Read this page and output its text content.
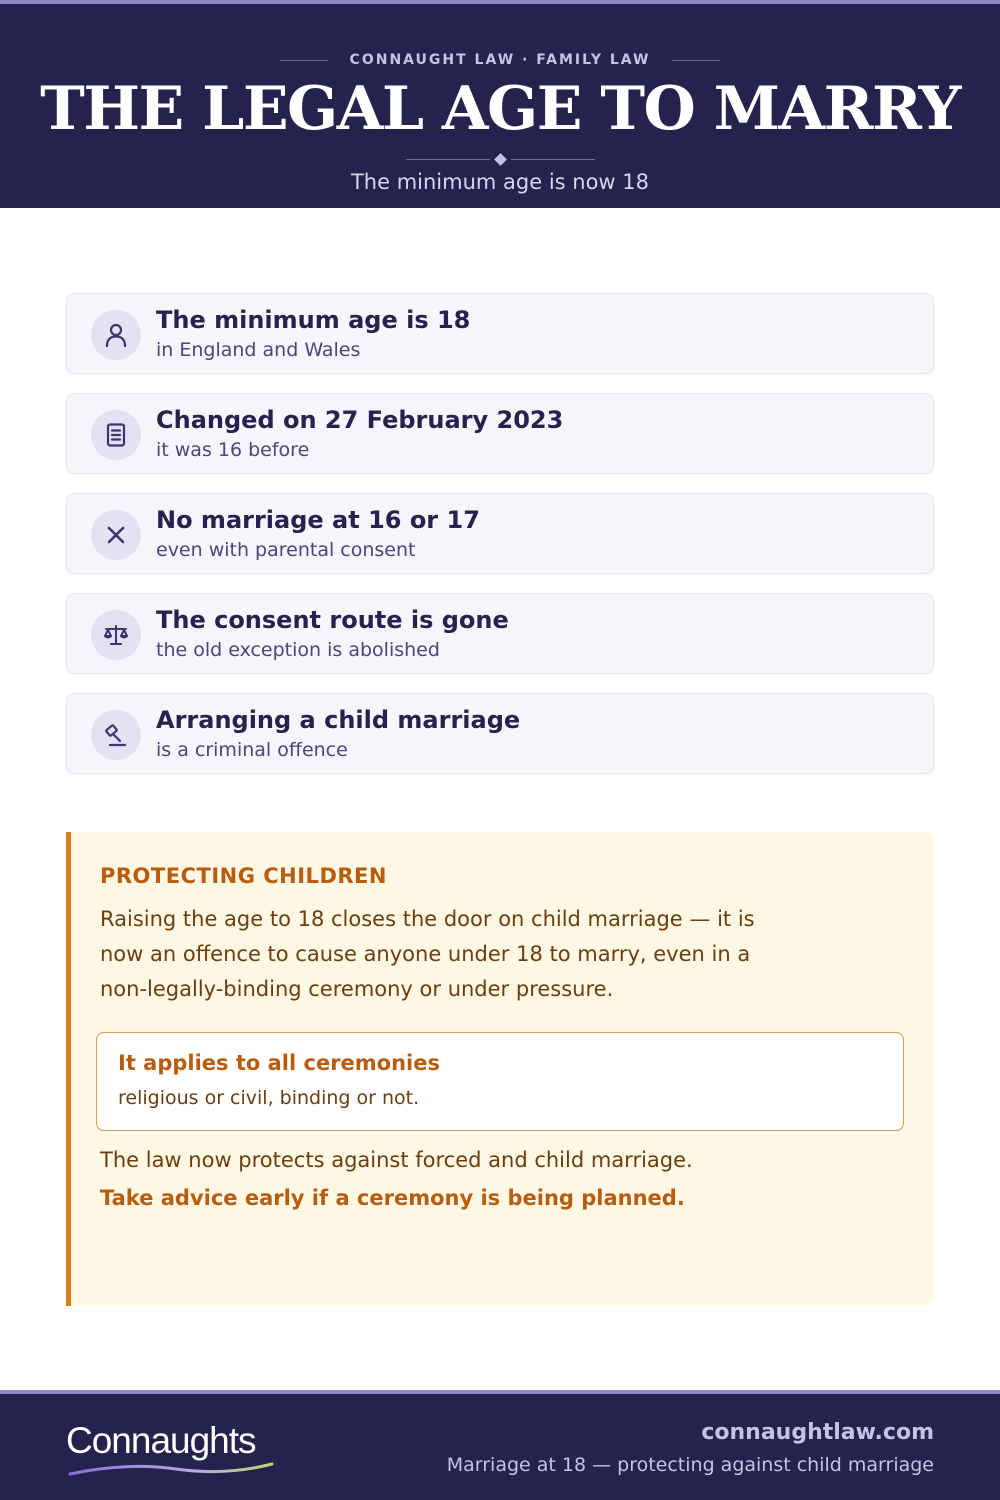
CONNAUGHT LAW · FAMILY LAW
THE LEGAL AGE TO MARRY
The minimum age is now 18
The minimum age is 18
in England and Wales
Changed on 27 February 2023
it was 16 before
No marriage at 16 or 17
even with parental consent
The consent route is gone
the old exception is abolished
Arranging a child marriage
is a criminal offence
PROTECTING CHILDREN

Raising the age to 18 closes the door on child marriage — it is now an offence to cause anyone under 18 to marry, even in a non-legally-binding ceremony or under pressure.

It applies to all ceremonies
religious or civil, binding or not.
The law now protects against forced and child marriage.
Take advice early if a ceremony is being planned.
Connaughts	connaughtlaw.com
Marriage at 18 — protecting against child marriage
